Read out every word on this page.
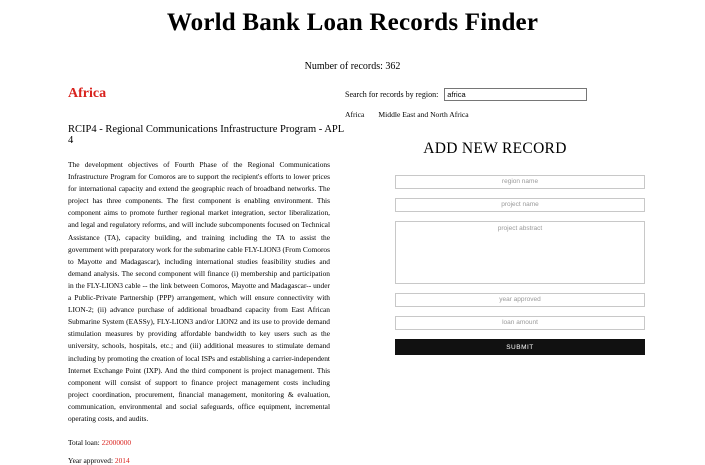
World Bank Loan Records Finder
Number of records: 362
Africa
RCIP4 - Regional Communications Infrastructure Program - APL 4

The development objectives of Fourth Phase of the Regional Communications Infrastructure Program for Comoros are to support the recipient's efforts to lower prices for international capacity and extend the geographic reach of broadband networks. The project has three components. The first component is enabling environment. This component aims to promote further regional market integration, sector liberalization, and legal and regulatory reforms, and will include subcomponents focused on Technical Assistance (TA), capacity building, and training including the TA to assist the government with preparatory work for the submarine cable FLY-LION3 (From Comoros to Mayotte and Madagascar), including international studies feasibility studies and demand analysis. The second component will finance (i) membership and participation in the FLY-LION3 cable -- the link between Comoros, Mayotte and Madagascar-- under a Public-Private Partnership (PPP) arrangement, which will ensure connectivity with LION-2; (ii) advance purchase of additional broadband capacity from East African Submarine System (EASSy), FLY-LION3 and/or LION2 and its use to provide demand stimulation measures by providing affordable bandwidth to key users such as the university, schools, hospitals, etc.; and (iii) additional measures to stimulate demand including by promoting the creation of local ISPs and establishing a carrier-independent Internet Exchange Point (IXP). And the third component is project management. This component will consist of support to finance project management costs including project coordination, procurement, financial management, monitoring & evaluation, communication, environmental and social safeguards, office equipment, incremental operating costs, and audits.

Total loan: 22000000
Year approved: 2014
Search for records by region:
africa
Africa Middle East and North Africa
ADD NEW RECORD
region name
project name
project abstract
year approved
loan amount
SUBMIT
